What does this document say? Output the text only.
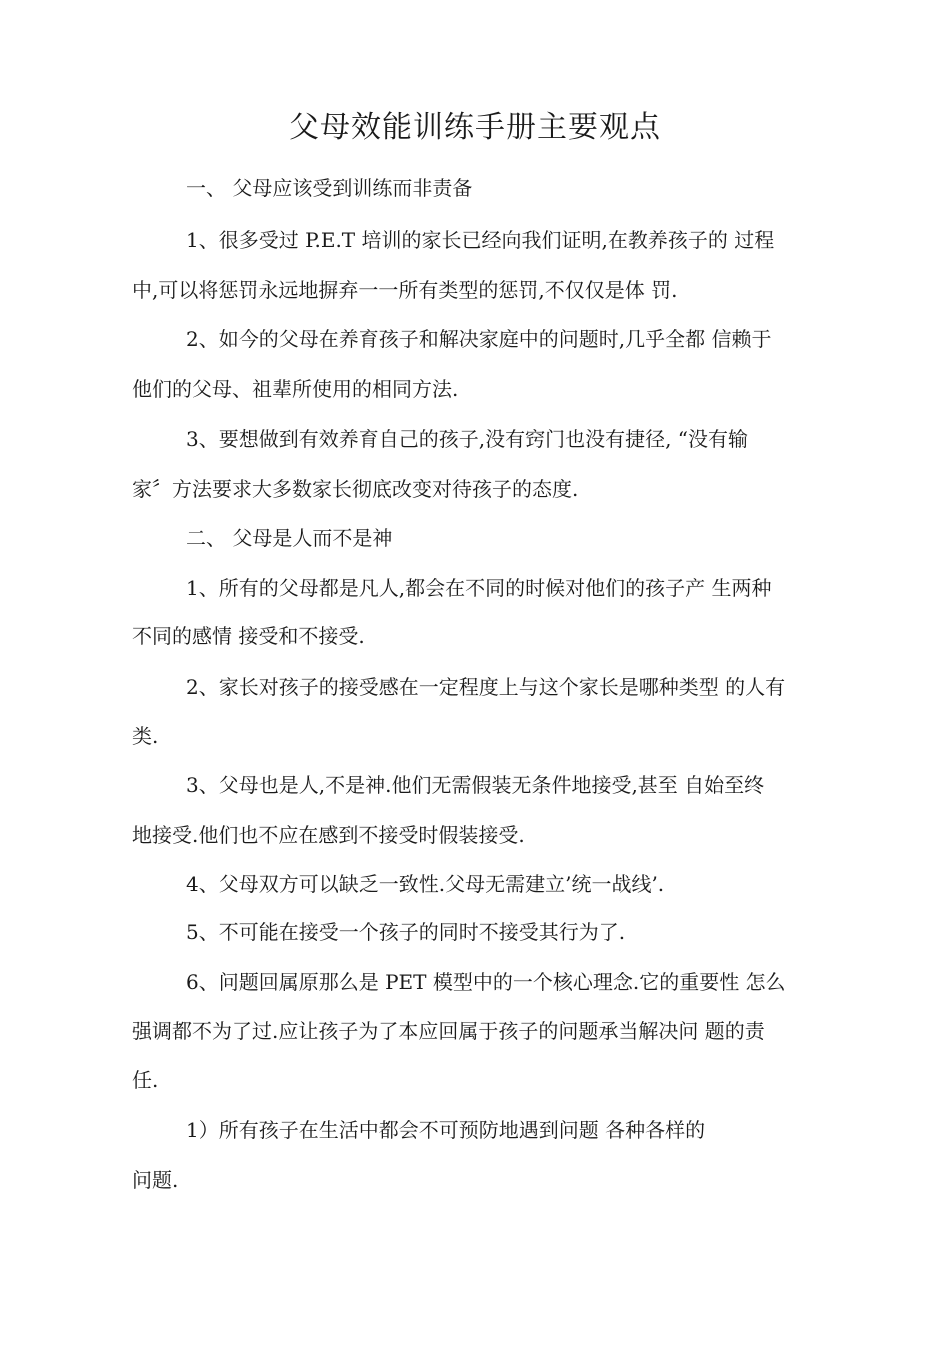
父母效能训练手册主要观点
一、 父母应该受到训练而非责备
1、很多受过 P.E.T 培训的家长已经向我们证明,在教养孩子的 过程
中,可以将惩罚永远地摒弃一一所有类型的惩罚,不仅仅是体 罚.
2、如今的父母在养育孩子和解决家庭中的问题时,几乎全都 信赖于
他们的父母、祖辈所使用的相同方法.
3、要想做到有效养育自己的孩子,没有窍门也没有捷径, “没有输
家〞方法要求大多数家长彻底改变对待孩子的态度.
二、 父母是人而不是神
1、所有的父母都是凡人,都会在不同的时候对他们的孩子产 生两种
不同的感情 接受和不接受.
2、家长对孩子的接受感在一定程度上与这个家长是哪种类型 的人有
类.
3、父母也是人,不是神.他们无需假装无条件地接受,甚至 自始至终
地接受.他们也不应在感到不接受时假装接受.
4、父母双方可以缺乏一致性.父母无需建立’统一战线’.
5、不可能在接受一个孩子的同时不接受其行为了.
6、问题回属原那么是 PET 模型中的一个核心理念.它的重要性 怎么
强调都不为了过.应让孩子为了本应回属于孩子的问题承当解决问 题的责
任.
1）所有孩子在生活中都会不可预防地遇到问题 各种各样的
问题.
